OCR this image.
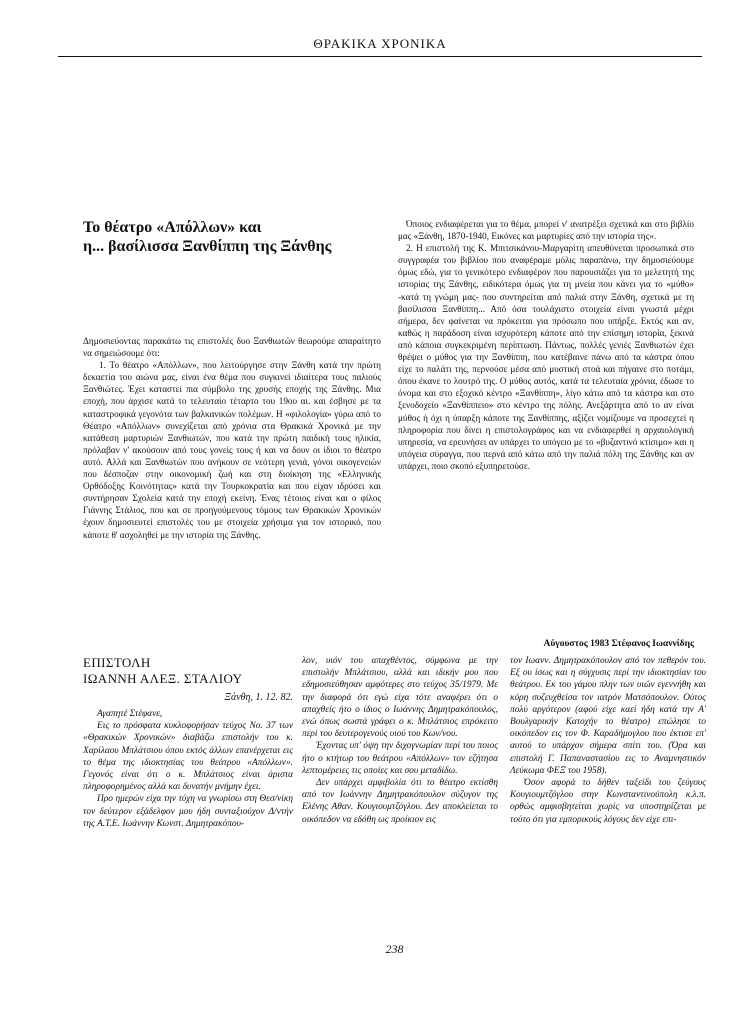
ΘΡΑΚΙΚΑ ΧΡΟΝΙΚΑ
Το θέατρο «Απόλλων» και
η... βασίλισσα Ξανθίππη της Ξάνθης

Δημοσιεύοντας παρακάτω τις επιστολές δυο Ξανθιωτών θεωρούμε απαραίτητο να σημειώσουμε ότι:

1. Το θέατρο «Απόλλων», που λειτούργησε στην Ξάνθη κατά την πρώτη δεκαετία του αιώνα μας, είναι ένα θέμα που συγκινεί ιδιαίτερα τους παλιούς Ξανθιώτες. Έχει καταστεί πια σύμβολο της χρυσής εποχής της Ξάνθης. Μια εποχή, που άρχισε κατά το τελευταίο τέταρτο του 19ου αι. και έσβησε με τα καταστροφικά γεγονότα των βαλκανικών πολέμων. Η «φιλολογία» γύρω από το Θέατρο «Απόλλων» συνεχίζεται από χρόνια στα Θρακικά Χρονικά με την κατάθεση μαρτυριών Ξανθιωτών, που κατά την πρώτη παιδική τους ηλικία, πρόλαβαν ν' ακούσουν από τους γονείς τους ή και να δουν οι ίδιοι το θέατρο αυτό. Αλλά και Ξανθιωτών που ανήκουν σε νεότερη γενιά, γόνοι οικογενειών που δέσποζαν στην οικονομική ζωή και στη διοίκηση της «Ελληνικής Ορθόδοξης Κοινότητας» κατά την Τουρκοκρατία και που είχαν ιδρύσει και συντήρησαν Σχολεία κατά την εποχή εκείνη. Ένας τέτοιος είναι και ο φίλος Γιάννης Στάλιος, που και σε προηγούμενους τόμους των Θρακικών Χρονικών έχουν δημοσιευτεί επιστολές του με στοιχεία χρήσιμα για τον ιστορικό, που κάποτε θ' ασχοληθεί με την ιστορία της Ξάνθης.

Όποιος ενδιαφέρεται για το θέμα, μπορεί ν' ανατρέξει σχετικά και στο βιβλίο μας «Ξάνθη, 1870-1940, Εικόνες και μαρτυρίες από την ιστορία της».

2. Η επιστολή της Κ. Μπιτσικάνου-Μαργαρίτη απευθύνεται προσωπικά στο συγγραφέα του βιβλίου που αναφέραμε μόλις παραπάνω, την δημοσιεύουμε όμως εδώ, για το γενικότερο ενδιαφέρον που παρουσιάζει για το μελετητή της ιστορίας της Ξάνθης, ειδικότερα όμως για τη μνεία που κάνει για το «μύθο» -κατά τη γνώμη μας- που συντηρείται από παλιά στην Ξάνθη, σχετικά με τη βασίλισσα Ξανθίππη... Από όσα τουλάχιστο στοιχεία είναι γνωστά μέχρι σήμερα, δεν φαίνεται να πρόκειται για πρόσωπο που υπήρξε. Εκτός και αν, καθώς η παράδοση είναι ισχυρότερη κάποτε από την επίσημη ιστορία, ξεκινά από κάποια συγκεκριμένη περίπτωση. Πάντως, πολλές γενιές Ξανθιωτών έχει θρέψει ο μύθος για την Ξανθίππη, που κατέβαινε πάνω από τα κάστρα όπου είχε το παλάτι της, περνούσε μέσα από μυστική στοά και πήγαινε στο ποτάμι, όπου έκανε το λουτρό της. Ο μύθος αυτός, κατά τα τελευταία χρόνια, έδωσε το όνομα και στο εξοχικό κέντρο «Ξανθίππη», λίγο κάτω από τα κάστρα και στο ξενοδοχείο «Ξανθίππειο» στο κέντρο της πόλης. Ανεξάρτητα από το αν είναι μύθος ή όχι η ύπαρξη κάποτε της Ξανθίππης, αξίζει νομίζουμε να προσεχτεί η πληροφορία που δίνει η επιστολογράφος και να ενδιαφερθεί η αρχαιολογική υπηρεσία, να ερευνήσει αν υπάρχει το υπόγειο με το «βυζαντινό κτίσιμο» και η υπόγεια σύραγγα, που περνά από κάτω από την παλιά πόλη της Ξάνθης και αν υπάρχει, ποιο σκοπό εξυπηρετούσε.

Αύγουστος 1983 Στέφανος Ιωαννίδης
ΕΠΙΣΤΟΛΗ
ΙΩΑΝΝΗ ΑΛΕΞ. ΣΤΑΛΙΟΥ
Ξάνθη, 1. 12. 82.

Αγαπητέ Στέφανε,

Εις το πρόσφατα κυκλοφορήσαν τεύχος Νο. 37 των «Θρακικών Χρονικών» διαβάζω επιστολήν του κ. Χαρίλαου Μπλάτσιου όπου εκτός άλλων επανέρχεται εις το θέμα της ιδιοκτησίας του θεάτρου «Απόλλων». Γεγονός είναι ότι ο κ. Μπλάτσιος είναι άριστα πληροφορημένος αλλά και δυνατήν μνήμην έχει.

Προ ημερών είχα την τύχη να γνωρίσω στη Θεσ/νίκη τον δεύτερον εξάδελφον μου ήδη συνταξιούχον Δ/ντήν της Α.Τ.Ε. Ιωάννην Κωνστ. Δημητρακόπου-

λον, υιόν του απαχθέντος, σύμφωνα με την επιστολήν Μπλάτσιου, αλλά και ιδικήν μου που εδημοσιεύθησαν αμφότερες στο τεύχος 35/1979. Με την διαφορά ότι εγώ είχα τότε αναφέρει ότι ο απαχθείς ήτο ο ίδιος ο Ιωάννης Δημητρακόπουλος, ενώ όπως σωστά γράφει ο κ. Μπλάτσιος επρόκειτο περί του δευτερογενούς υιού του Κων/νου.

Έχοντας υπ' όψη την διχογνωμίαν περί του ποιος ήτο ο κτήτωρ του θεάτρου «Απόλλων» τον εζήτησα λεπτομέρειες τις οποίες και σου μεταδίδω.

Δεν υπάρχει αμφιβολία ότι το θέατρο εκτίσθη από τον Ιωάννην Δημητρακόπουλον σύζυγον της Ελένης Αθαν. Κουγιουμτζόγλου. Δεν αποκλείεται το οικόπεδον να εδόθη ως προίκιον εις

τον Ιωανν. Δημητρακόπουλον από τον πεθερόν του. Εξ ου ίσως και η σύγχυσις περί την ιδιοκτησίαν του θεάτρου. Εκ του γάμου πλην των υιών εγεννήθη και κόρη συζευχθείσα τον ιατρόν Ματσόπουλον. Ούτος πολύ αργότερον (αφού είχε καεί ήδη κατά την Α' Βουλγαρικήν Κατοχήν το θέατρο) επώλησε το οικόπεδον εις τον Φ. Καραδήμογλου που έκτισε επ' αυτού το υπάρχον σήμερα σπίτι του. (Όρα και επιστολή Γ. Παπαναστασίου εις το Αναμνηστικόν Λεύκωμα ΦΕΞ του 1958).

Όσον αφορά το δήθεν ταξείδι του ζεύγους Κουγιουμτζόγλου στην Κωνσταντινούπολη κ.λ.π. ορθώς αμφισβητείται χωρίς να υποστηρίζεται με τούτο ότι για εμπορικούς λόγους δεν είχε επι-

238
